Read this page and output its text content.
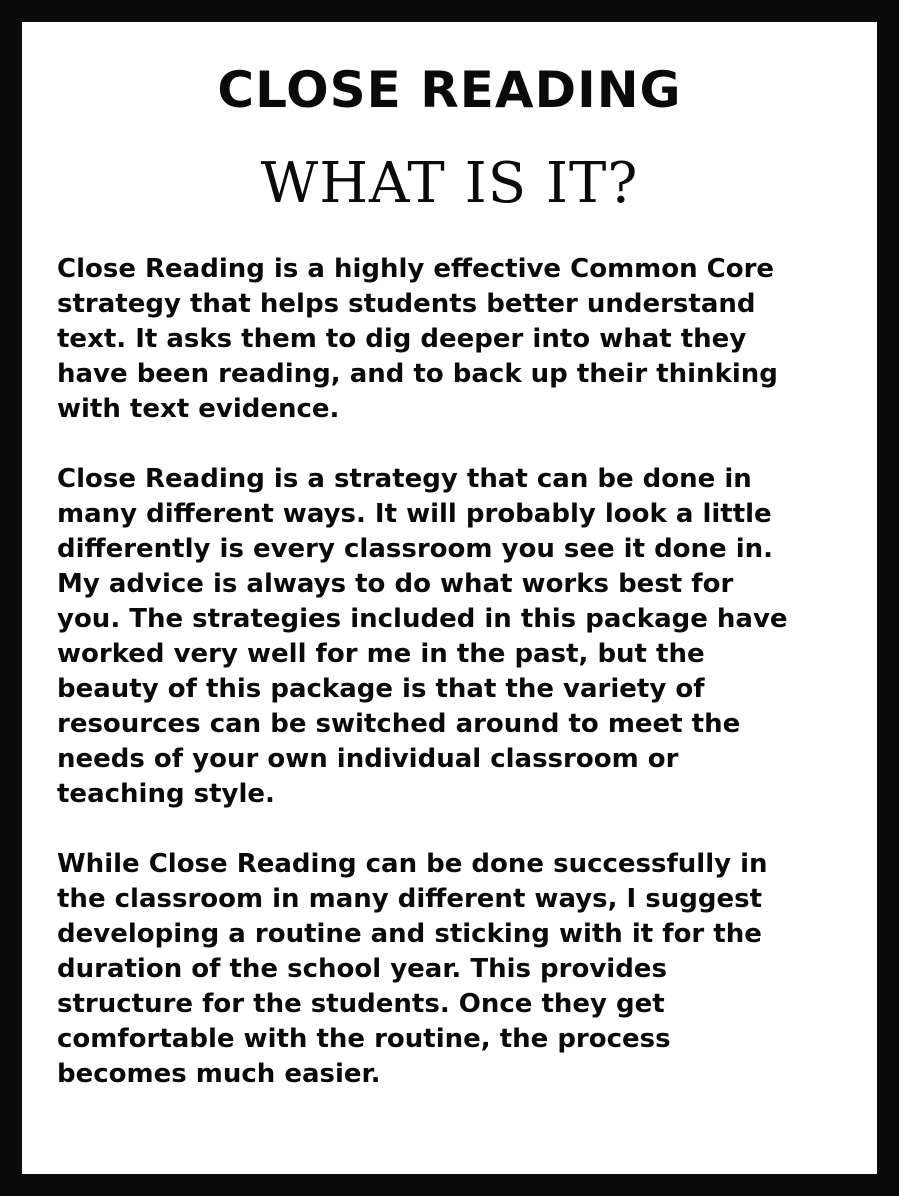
CLOSE READING
WHAT IS IT?
Close Reading is a highly effective Common Core
strategy that helps students better understand
text. It asks them to dig deeper into what they
have been reading, and to back up their thinking
with text evidence.
Close Reading is a strategy that can be done in
many different ways. It will probably look a little
differently is every classroom you see it done in.
My advice is always to do what works best for
you. The strategies included in this package have
worked very well for me in the past, but the
beauty of this package is that the variety of
resources can be switched around to meet the
needs of your own individual classroom or
teaching style.
While Close Reading can be done successfully in
the classroom in many different ways, I suggest
developing a routine and sticking with it for the
duration of the school year. This provides
structure for the students. Once they get
comfortable with the routine, the process
becomes much easier.
